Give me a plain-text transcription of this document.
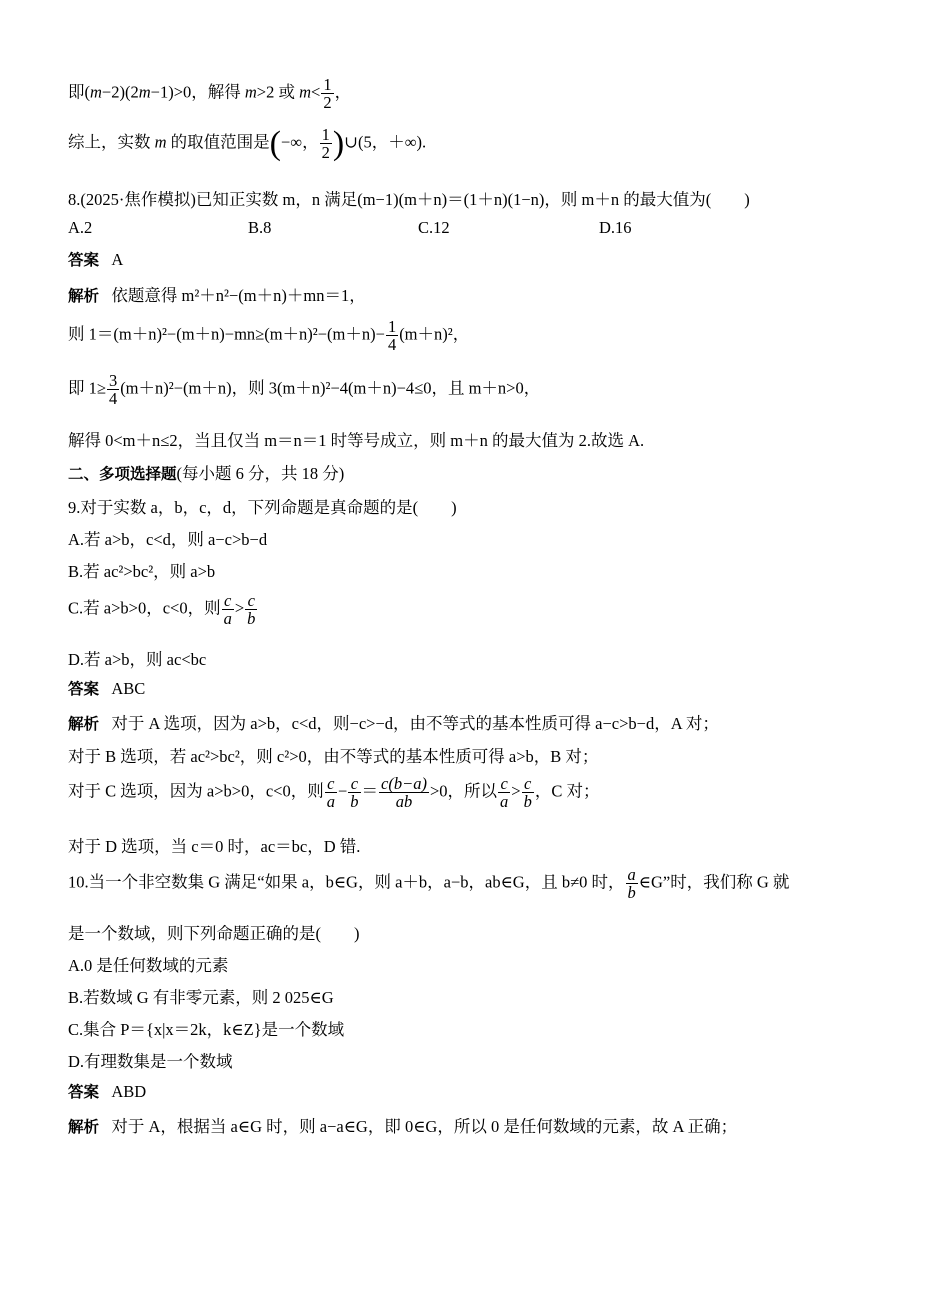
即(m−2)(2m−1)>0，解得 m>2 或 $m< \frac{1}{2}$ ，
综上，实数 m 的取值范围是(−∞， $\frac{1}{2}$ )∪(5，＋∞).
8.(2025·焦作模拟)已知正实数 m，n 满足(m−1)(m＋n)＝(1＋n)(1−n)，则 m＋n 的最大值为(　　)
A.2	B.8	C.12	D.16
答案 A
解析 依题意得 m²＋n²−(m＋n)＋mn＝1，
则 $1=(m+n)^2-(m+n)-mn\ge(m+n)^2-(m+n)- \frac{1}{4} (m+n)^2$，
即 $1\ge \frac{3}{4} (m+n)^2-(m+n)$，则 3(m＋n)²−4(m＋n)−4≤0，且 m＋n>0，
解得 0<m＋n≤2，当且仅当 m＝n＝1 时等号成立，则 m＋n 的最大值为 2.故选 A.
二、多项选择题(每小题 6 分，共 18 分)
9.对于实数 a，b，c，d，下列命题是真命题的是(　　)
A.若 a>b，c<d，则 a−c>b−d
B.若 ac²>bc²，则 a>b
C.若 a>b>0，c<0，则 $\frac{c}{a} > \frac{c}{b}$
D.若 a>b，则 ac<bc
答案 ABC
解析 对于 A 选项，因为 a>b，c<d，则−c>−d，由不等式的基本性质可得 a−c>b−d，A 对；
对于 B 选项，若 ac²>bc²，则 c²>0，由不等式的基本性质可得 a>b，B 对；
对于 C 选项，因为 a>b>0，c<0，则 $\frac{c}{a} - \frac{c}{b} = \frac{c(b-a)}{ab} >0$，所以 $\frac{c}{a} > \frac{c}{b}$ ，C 对；
对于 D 选项，当 c＝0 时，ac＝bc，D 错.
10.当一个非空数集 G 满足“如果 a，b∈G，则 a＋b，a−b，ab∈G，且 b≠0 时， $\frac{a}{b}$ ∈G”时，我们称 G 就
是一个数域，则下列命题正确的是(　　)
A.0 是任何数域的元素
B.若数域 G 有非零元素，则 2 025∈G
C.集合 P＝{x|x＝2k，k∈Z}是一个数域
D.有理数集是一个数域
答案 ABD
解析 对于 A，根据当 a∈G 时，则 a−a∈G，即 0∈G，所以 0 是任何数域的元素，故 A 正确；
